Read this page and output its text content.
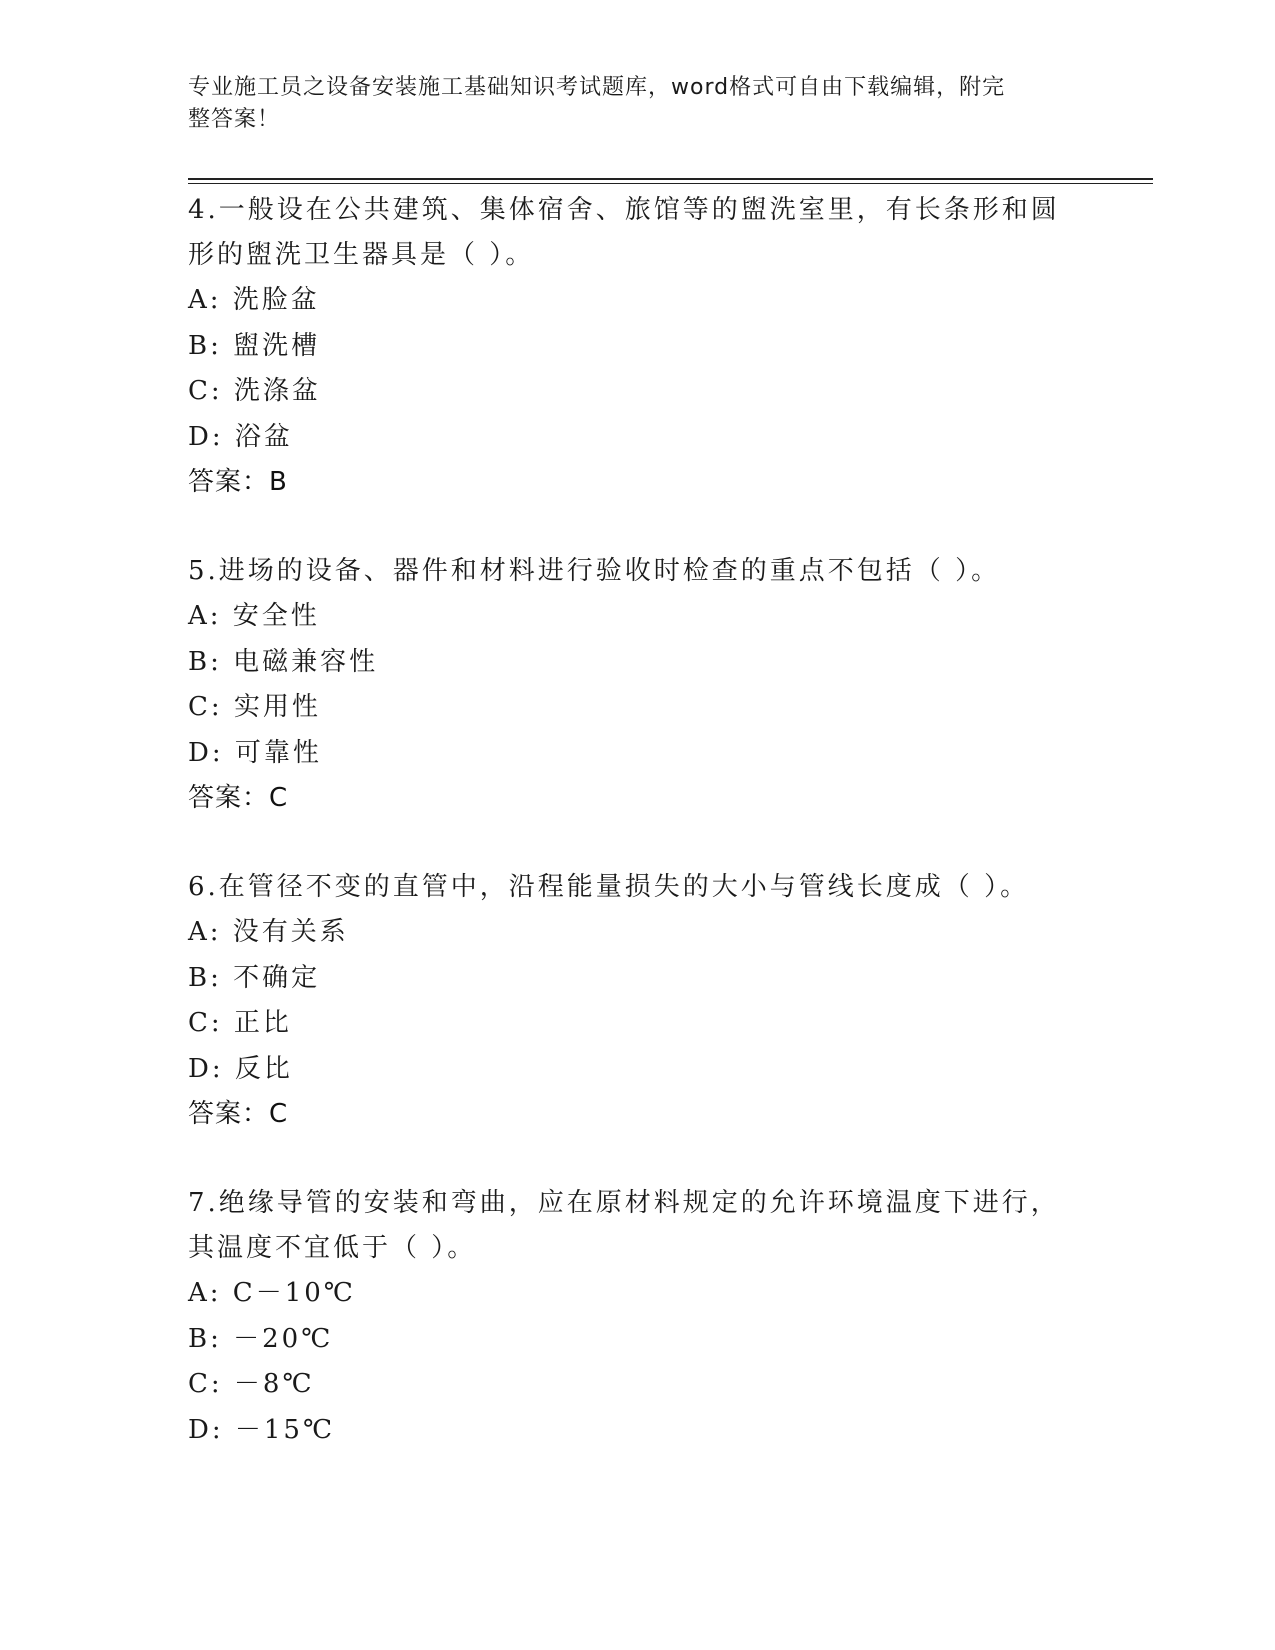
专业施工员之设备安装施工基础知识考试题库，word格式可自由下载编辑，附完
整答案！
4.一般设在公共建筑、集体宿舍、旅馆等的盥洗室里，有长条形和圆
形的盥洗卫生器具是（ ）。
A: 洗脸盆
B: 盥洗槽
C: 洗涤盆
D: 浴盆
答案：B
5.进场的设备、器件和材料进行验收时检查的重点不包括（ ）。
A: 安全性
B: 电磁兼容性
C: 实用性
D: 可靠性
答案：C
6.在管径不变的直管中，沿程能量损失的大小与管线长度成（ ）。
A: 没有关系
B: 不确定
C: 正比
D: 反比
答案：C
7.绝缘导管的安装和弯曲，应在原材料规定的允许环境温度下进行，
其温度不宜低于（ ）。
A: C－10℃
B: －20℃
C: －8℃
D: －15℃
